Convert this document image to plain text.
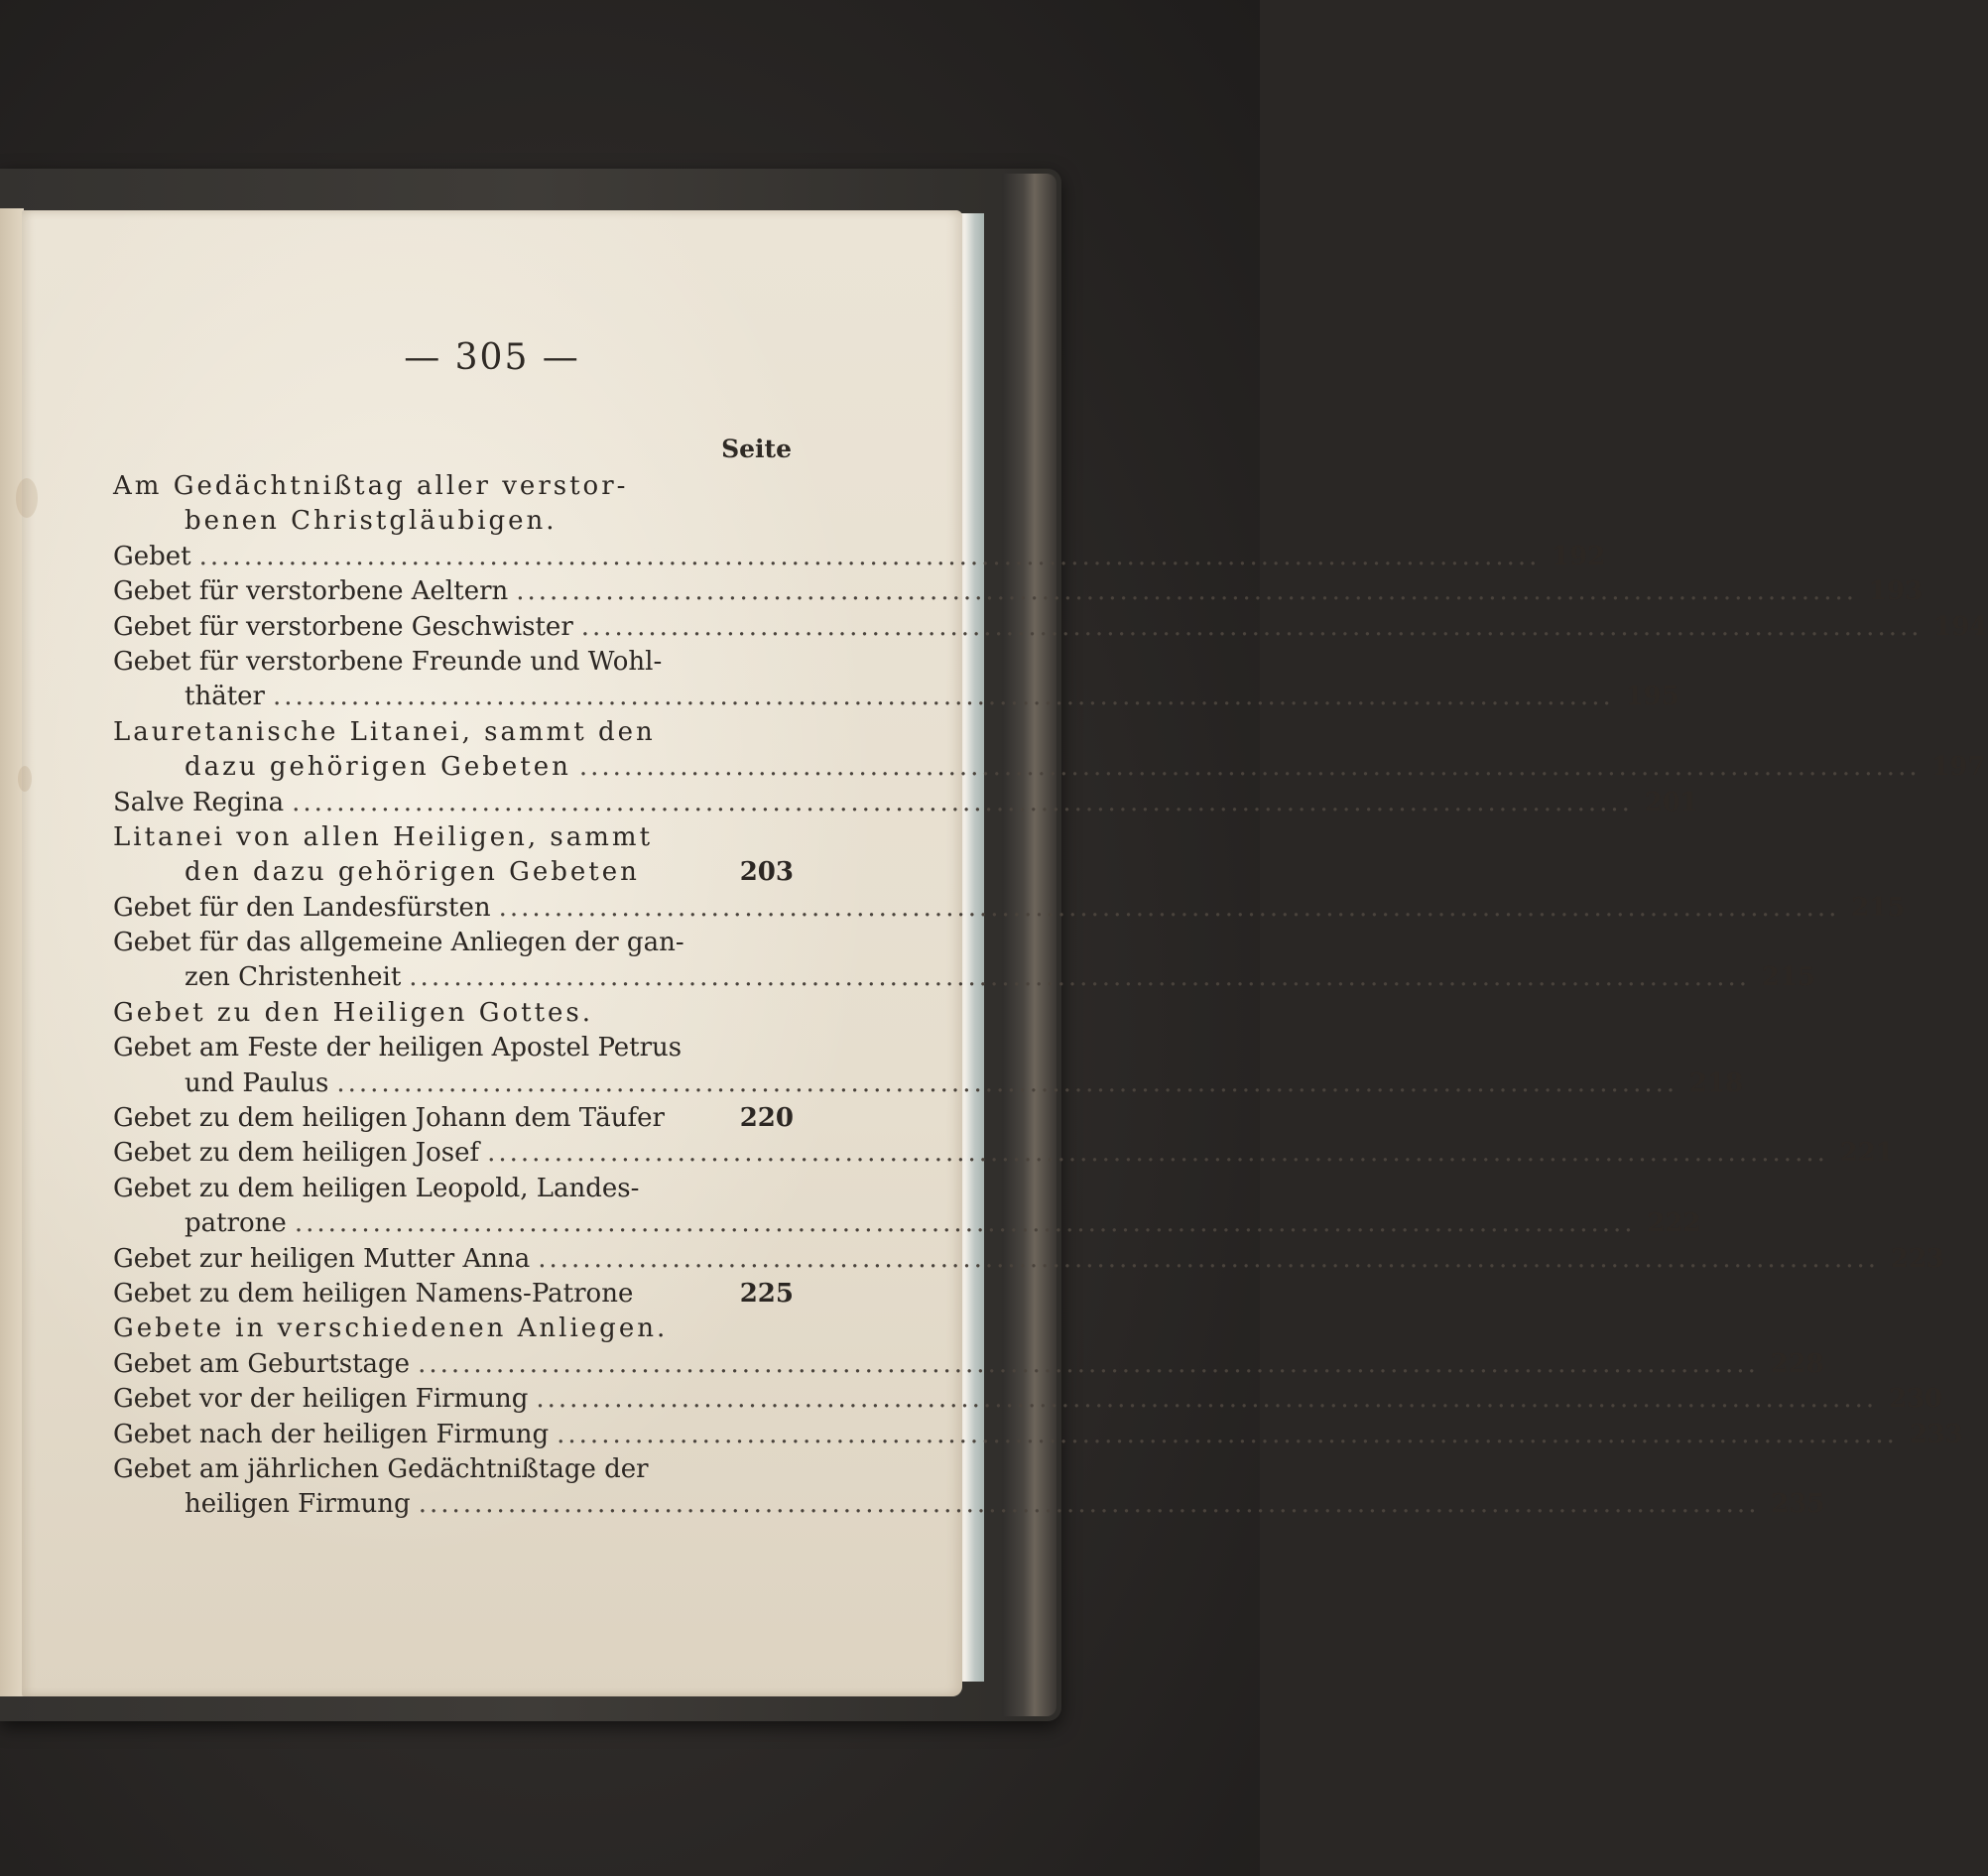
— 305 —
Seite
Am Gedächtnißtag aller verstor-
benen Christgläubigen.
Gebet .....	192
Gebet für verstorbene Aeltern .....	193
Gebet für verstorbene Geschwister .....	194
Gebet für verstorbene Freunde und Wohl-
thäter .....	195
Lauretanische Litanei, sammt den
dazu gehörigen Gebeten .....	197
Salve Regina .....	201
Litanei von allen Heiligen, sammt
den dazu gehörigen Gebeten	203
Gebet für den Landesfürsten .....	215
Gebet für das allgemeine Anliegen der gan-
zen Christenheit .....	215
Gebet zu den Heiligen Gottes.
Gebet am Feste der heiligen Apostel Petrus
und Paulus .....	218
Gebet zu dem heiligen Johann dem Täufer	220
Gebet zu dem heiligen Josef .....	221
Gebet zu dem heiligen Leopold, Landes-
patrone .....	222
Gebet zur heiligen Mutter Anna .....	223
Gebet zu dem heiligen Namens-Patrone	225
Gebete in verschiedenen Anliegen.
Gebet am Geburtstage .....	228
Gebet vor der heiligen Firmung .....	230
Gebet nach der heiligen Firmung .....	233
Gebet am jährlichen Gedächtnißtage der
heiligen Firmung .....	235
